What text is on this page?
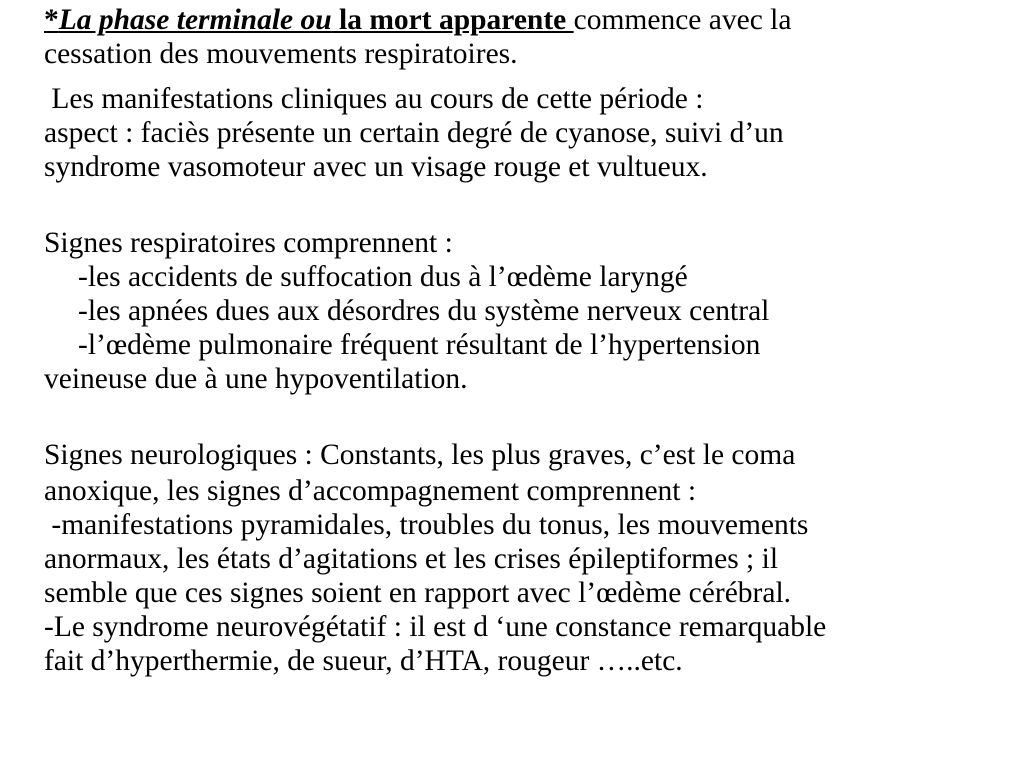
*La phase terminale ou la mort apparente commence avec la
cessation des mouvements respiratoires.
Les manifestations cliniques au cours de cette période :
aspect : faciès présente un certain degré de cyanose, suivi d’un
syndrome vasomoteur avec un visage rouge et vultueux.
Signes respiratoires comprennent :
-les accidents de suffocation dus à l’œdème laryngé
-les apnées dues aux désordres du système nerveux central
-l’œdème pulmonaire fréquent résultant de l’hypertension
veineuse due à une hypoventilation.
Signes neurologiques : Constants, les plus graves, c’est le coma
anoxique, les signes d’accompagnement comprennent :
-manifestations pyramidales, troubles du tonus, les mouvements
anormaux, les états d’agitations et les crises épileptiformes ; il
semble que ces signes soient en rapport avec l’œdème cérébral.
-Le syndrome neurovégétatif : il est d ‘une constance remarquable
fait d’hyperthermie, de sueur, d’HTA, rougeur …..etc.
